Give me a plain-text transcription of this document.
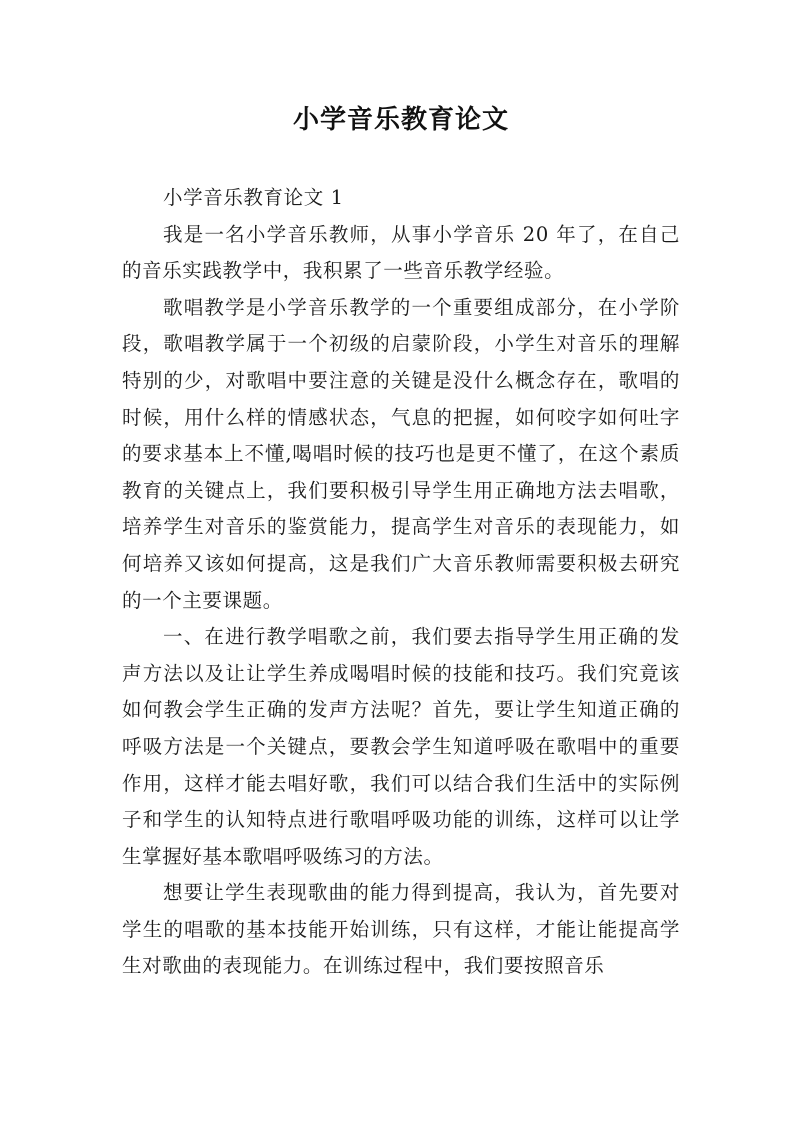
小学音乐教育论文

小学音乐教育论文 1

我是一名小学音乐教师，从事小学音乐 20 年了，在自己的音乐实践教学中，我积累了一些音乐教学经验。

歌唱教学是小学音乐教学的一个重要组成部分，在小学阶段，歌唱教学属于一个初级的启蒙阶段，小学生对音乐的理解特别的少，对歌唱中要注意的关键是没什么概念存在，歌唱的时候，用什么样的情感状态，气息的把握，如何咬字如何吐字的要求基本上不懂,喝唱时候的技巧也是更不懂了，在这个素质教育的关键点上，我们要积极引导学生用正确地方法去唱歌，培养学生对音乐的鉴赏能力，提高学生对音乐的表现能力，如何培养又该如何提高，这是我们广大音乐教师需要积极去研究的一个主要课题。

一、在进行教学唱歌之前，我们要去指导学生用正确的发声方法以及让让学生养成喝唱时候的技能和技巧。我们究竟该如何教会学生正确的发声方法呢？首先，要让学生知道正确的呼吸方法是一个关键点，要教会学生知道呼吸在歌唱中的重要作用，这样才能去唱好歌，我们可以结合我们生活中的实际例子和学生的认知特点进行歌唱呼吸功能的训练，这样可以让学生掌握好基本歌唱呼吸练习的方法。

想要让学生表现歌曲的能力得到提高，我认为，首先要对学生的唱歌的基本技能开始训练，只有这样，才能让能提高学生对歌曲的表现能力。在训练过程中，我们要按照音乐
